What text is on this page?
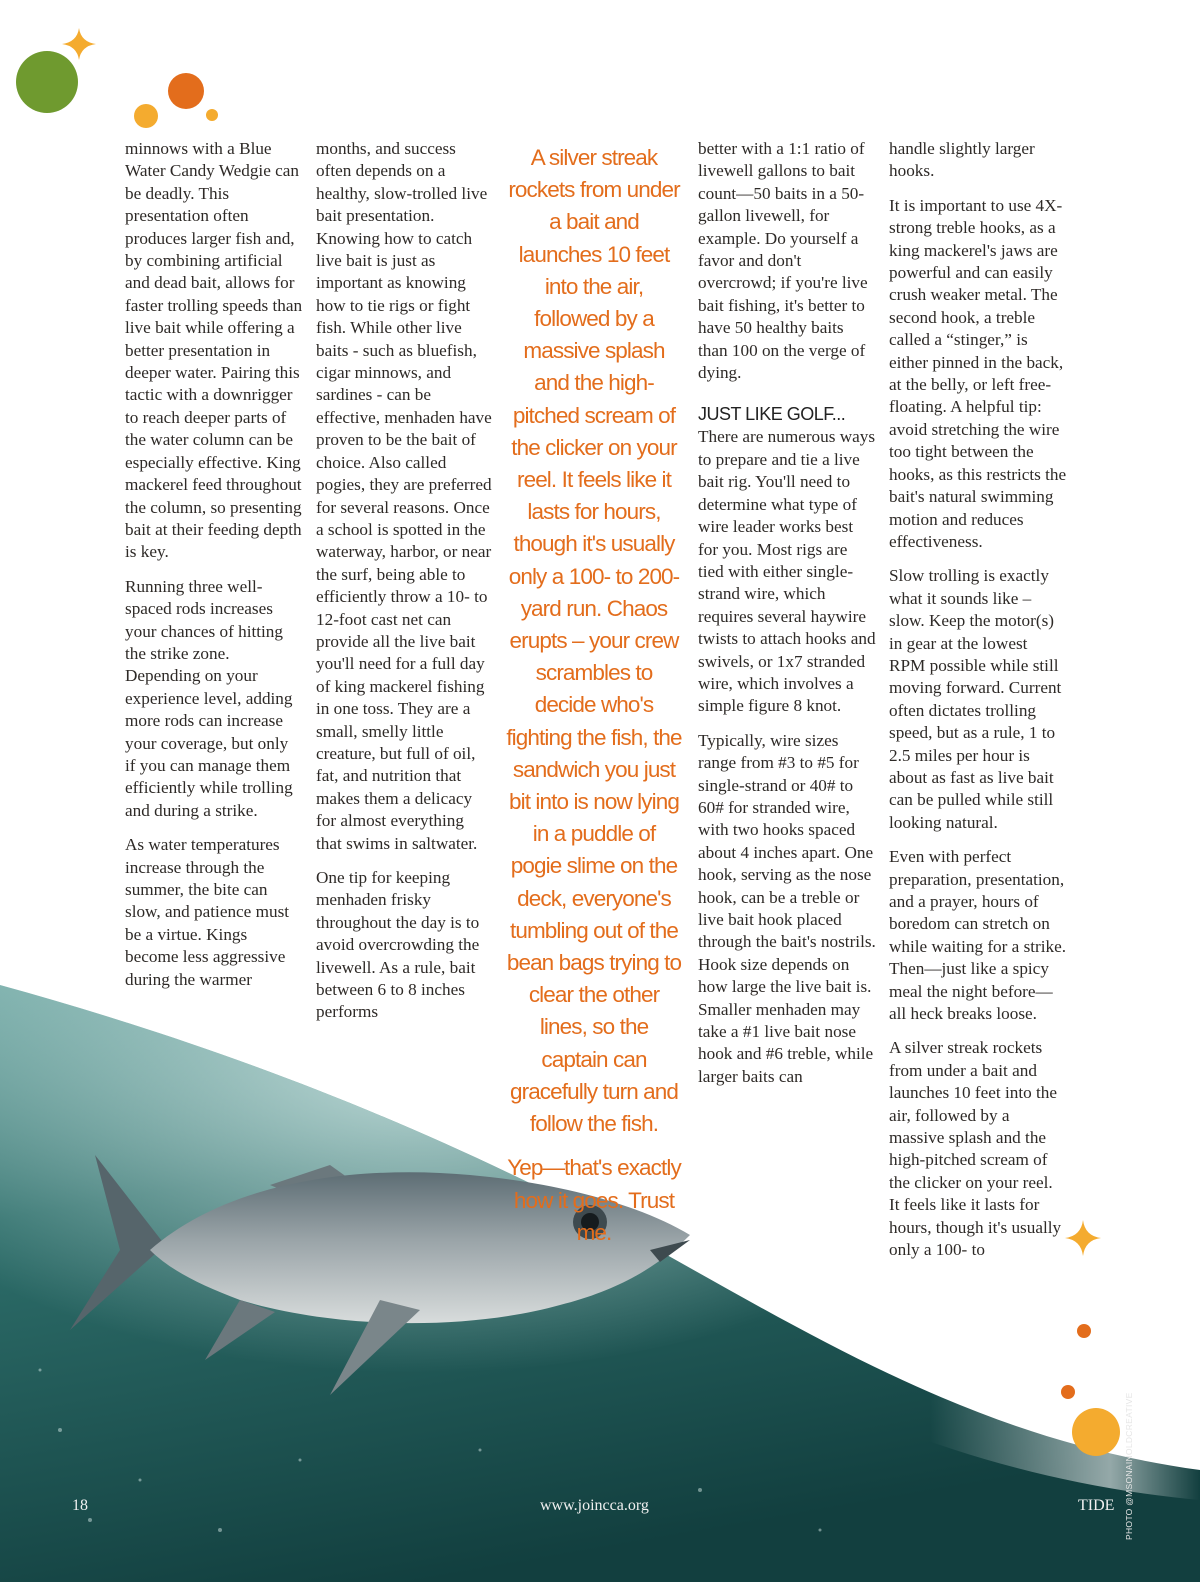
minnows with a Blue Water Candy Wedgie can be deadly. This presentation often produces larger fish and, by combining artificial and dead bait, allows for faster trolling speeds than live bait while offering a better presentation in deeper water. Pairing this tactic with a downrigger to reach deeper parts of the water column can be especially effective. King mackerel feed throughout the column, so presenting bait at their feeding depth is key.

Running three well-spaced rods increases your chances of hitting the strike zone. Depending on your experience level, adding more rods can increase your coverage, but only if you can manage them efficiently while trolling and during a strike.

As water temperatures increase through the summer, the bite can slow, and patience must be a virtue. Kings become less aggressive during the warmer

months, and success often depends on a healthy, slow-trolled live bait presentation. Knowing how to catch live bait is just as important as knowing how to tie rigs or fight fish. While other live baits - such as bluefish, cigar minnows, and sardines - can be effective, menhaden have proven to be the bait of choice. Also called pogies, they are preferred for several reasons. Once a school is spotted in the waterway, harbor, or near the surf, being able to efficiently throw a 10- to 12-foot cast net can provide all the live bait you'll need for a full day of king mackerel fishing in one toss. They are a small, smelly little creature, but full of oil, fat, and nutrition that makes them a delicacy for almost everything that swims in saltwater.

One tip for keeping menhaden frisky throughout the day is to avoid overcrowding the livewell. As a rule, bait between 6 to 8 inches performs

A silver streak rockets from under a bait and launches 10 feet into the air, followed by a massive splash and the high-pitched scream of the clicker on your reel. It feels like it lasts for hours, though it's usually only a 100- to 200-yard run. Chaos erupts – your crew scrambles to decide who's fighting the fish, the sandwich you just bit into is now lying in a puddle of pogie slime on the deck, everyone's tumbling out of the bean bags trying to clear the other lines, so the captain can gracefully turn and follow the fish.

Yep—that's exactly how it goes. Trust me.

better with a 1:1 ratio of livewell gallons to bait count—50 baits in a 50-gallon livewell, for example. Do yourself a favor and don't overcrowd; if you're live bait fishing, it's better to have 50 healthy baits than 100 on the verge of dying.

JUST LIKE GOLF...

There are numerous ways to prepare and tie a live bait rig. You'll need to determine what type of wire leader works best for you. Most rigs are tied with either single-strand wire, which requires several haywire twists to attach hooks and swivels, or 1x7 stranded wire, which involves a simple figure 8 knot.

Typically, wire sizes range from #3 to #5 for single-strand or 40# to 60# for stranded wire, with two hooks spaced about 4 inches apart. One hook, serving as the nose hook, can be a treble or live bait hook placed through the bait's nostrils. Hook size depends on how large the live bait is. Smaller menhaden may take a #1 live bait nose hook and #6 treble, while larger baits can

handle slightly larger hooks.

It is important to use 4X-strong treble hooks, as a king mackerel's jaws are powerful and can easily crush weaker metal. The second hook, a treble called a “stinger,” is either pinned in the back, at the belly, or left free-floating. A helpful tip: avoid stretching the wire too tight between the hooks, as this restricts the bait's natural swimming motion and reduces effectiveness.

Slow trolling is exactly what it sounds like – slow. Keep the motor(s) in gear at the lowest RPM possible while still moving forward. Current often dictates trolling speed, but as a rule, 1 to 2.5 miles per hour is about as fast as live bait can be pulled while still looking natural.

Even with perfect preparation, presentation, and a prayer, hours of boredom can stretch on while waiting for a strike. Then—just like a spicy meal the night before—all heck breaks loose.

A silver streak rockets from under a bait and launches 10 feet into the air, followed by a massive splash and the high-pitched scream of the clicker on your reel. It feels like it lasts for hours, though it's usually only a 100- to

18	www.joincca.org	TIDE PHOTO @MSONAINOLDCREATIVE
